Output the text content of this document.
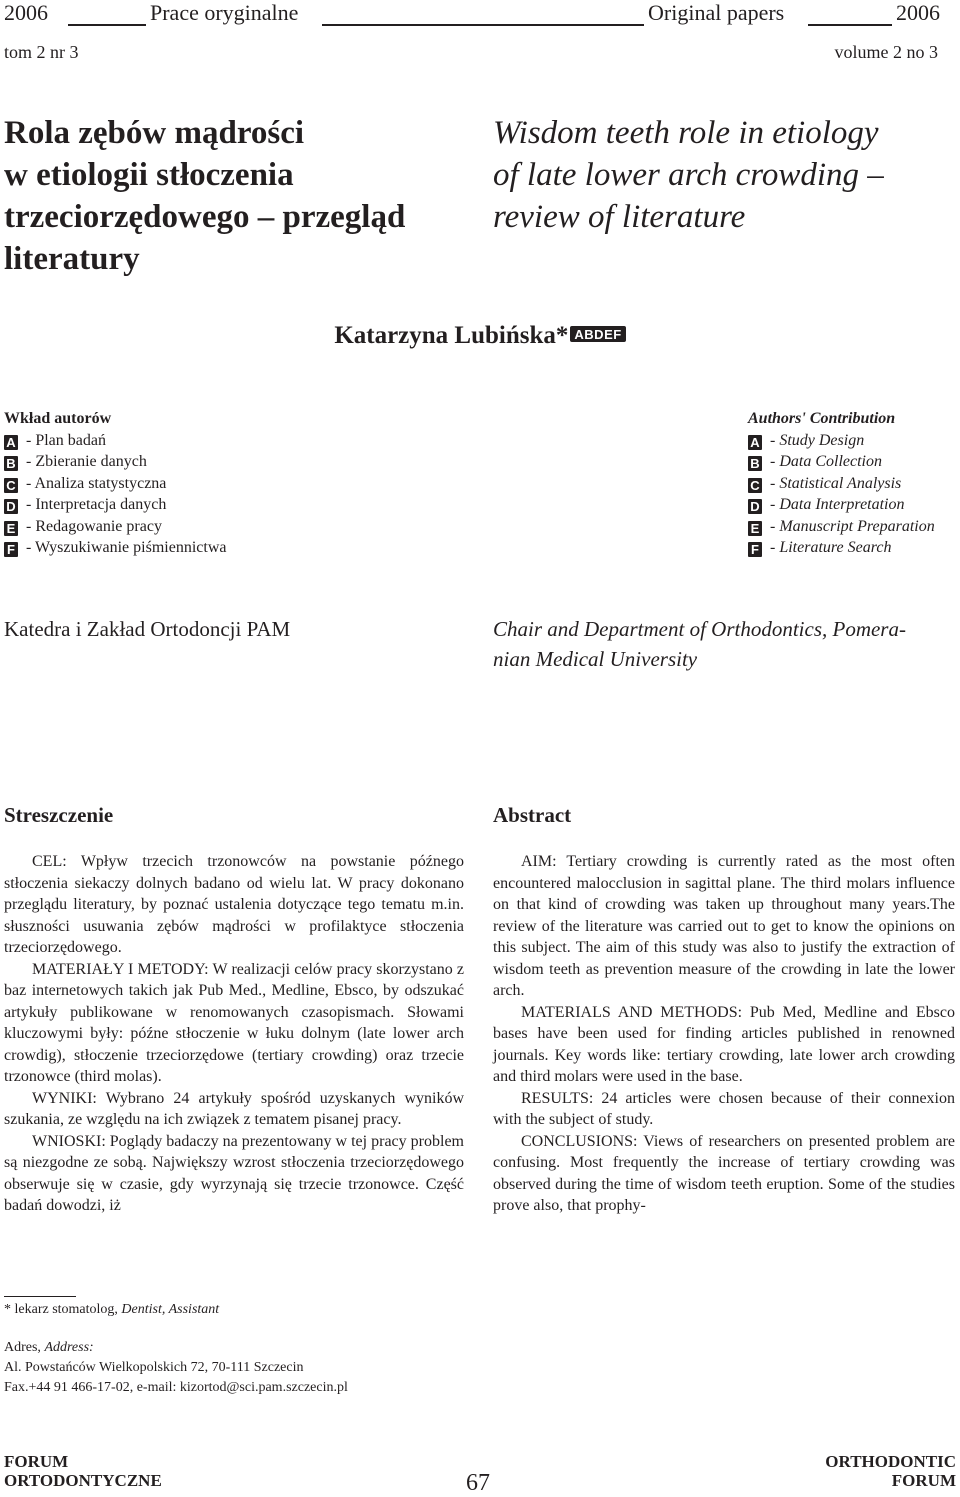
2006	Prace oryginalne	Original papers	2006
tom 2 nr 3	volume 2 no 3
Rola zębów mądrości
w etiologii stłoczenia
trzeciorzędowego – przegląd
literatury
Wisdom teeth role in etiology
of late lower arch crowding –
review of literature
Katarzyna Lubińska* ABDEF
Wkład autorów
A - Plan badań
B - Zbieranie danych
C - Analiza statystyczna
D - Interpretacja danych
E - Redagowanie pracy
F - Wyszukiwanie piśmiennictwa
Authors' Contribution
A - Study Design
B - Data Collection
C - Statistical Analysis
D - Data Interpretation
E - Manuscript Preparation
F - Literature Search
Katedra i Zakład Ortodoncji PAM	Chair and Department of Orthodontics, Pomera-
nian Medical University
Streszczenie	Abstract

CEL: Wpływ trzecich trzonowców na powstanie późnego stłoczenia siekaczy dolnych badano od wielu lat. W pracy dokonano przeglądu literatury, by poznać ustalenia dotyczące tego tematu m.in. słuszności usuwania zębów mądrości w profilaktyce stłoczenia trzeciorzędowego.

MATERIAŁY I METODY: W realizacji celów pracy skorzystano z baz internetowych takich jak Pub Med., Medline, Ebsco, by odszukać artykuły publikowane w renomowanych czasopismach. Słowami kluczowymi były: późne stłoczenie w łuku dolnym (late lower arch crowdig), stłoczenie trzeciorzędowe (tertiary crowding) oraz trzecie trzonowce (third molas).

WYNIKI: Wybrano 24 artykuły spośród uzyskanych wyników szukania, ze względu na ich związek z tematem pisanej pracy.

WNIOSKI: Poglądy badaczy na prezentowany w tej pracy problem są niezgodne ze sobą. Największy wzrost stłoczenia trzeciorzędowego obserwuje się w czasie, gdy wyrzynają się trzecie trzonowce. Część badań dowodzi, iż

AIM: Tertiary crowding is currently rated as the most often encountered malocclusion in sagittal plane. The third molars influence on that kind of crowding was taken up throughout many years.The review of the literature was carried out to get to know the opinions on this subject. The aim of this study was also to justify the extraction of wisdom teeth as prevention measure of the crowding in late the lower arch.

MATERIALS AND METHODS: Pub Med, Medline and Ebsco bases have been used for finding articles published in renowned journals. Key words like: tertiary crowding, late lower arch crowding and third molars were used in the base.

RESULTS: 24 articles were chosen because of their connexion with the subject of study.

CONCLUSIONS: Views of researchers on presented problem are confusing. Most frequently the increase of tertiary crowding was observed during the time of wisdom teeth eruption. Some of the studies prove also, that prophy-

* lekarz stomatolog, Dentist, Assistant
Adres, Address:
Al. Powstańców Wielkopolskich 72, 70-111 Szczecin
Fax.+44 91 466-17-02, e-mail: kizortod@sci.pam.szczecin.pl
FORUM
ORTODONTYCZNE	67
ORTHODONTIC
FORUM
